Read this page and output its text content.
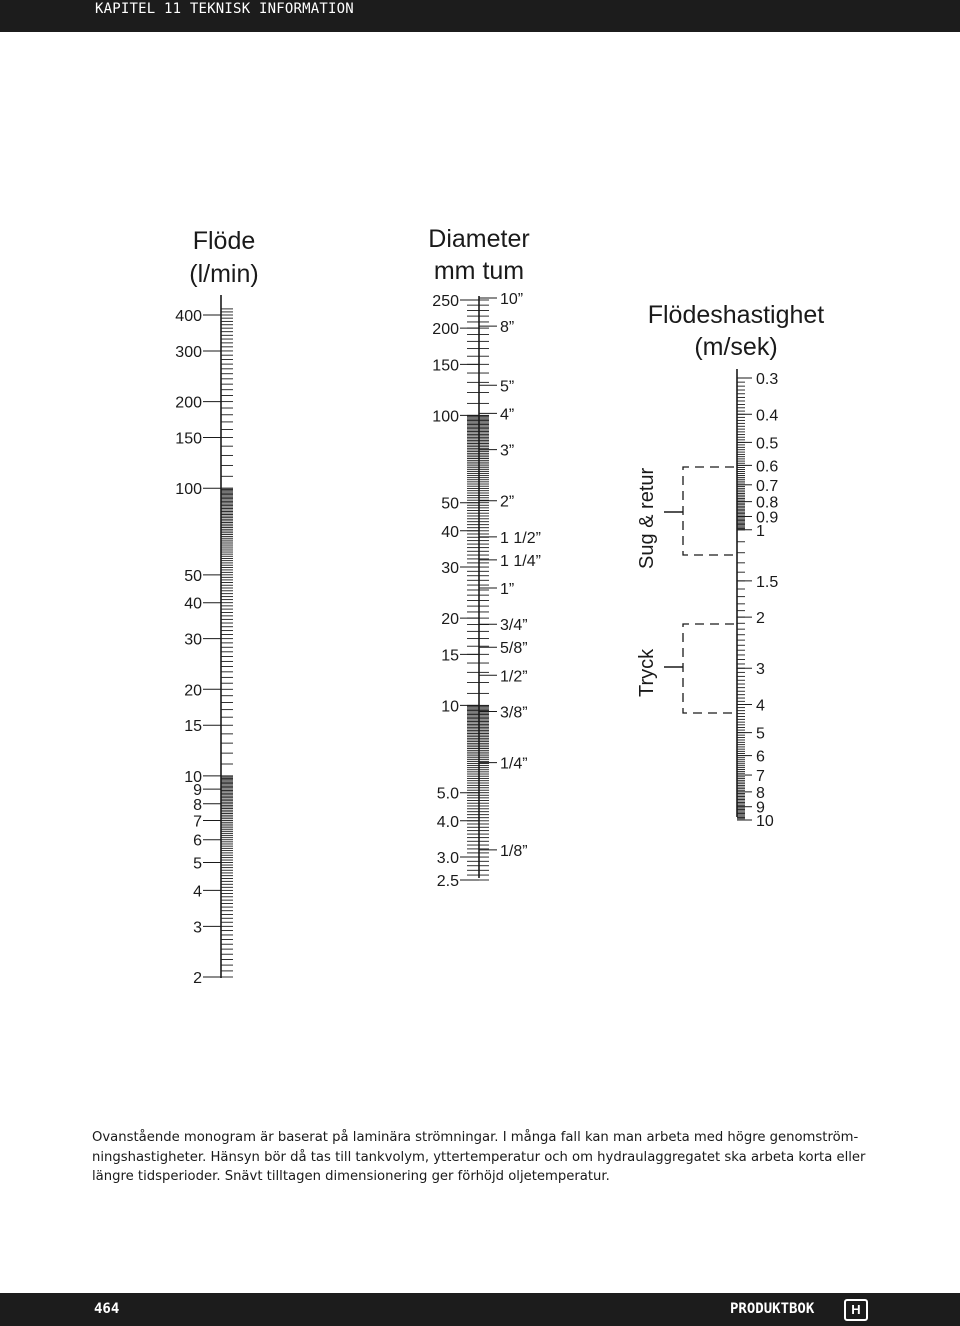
KAPITEL 11 TEKNISK INFORMATION
Flöde
(l/min)
400
300
200
150
100
50
40
30
20
15
10
9
8
7
6
5
4
3
2
Diameter
mm tum
250
200
150
100
50
40
30
20
15
10
5.0
4.0
3.0
2.5
10”
8”
5”
4”
3”
2”
1 1/2”
1 1/4”
1”
3/4”
5/8”
1/2”
3/8”
1/4”
1/8”
Flödeshastighet
(m/sek)
0.3
0.4
0.5
0.6
0.7
0.8
0.9
1
1.5
2
3
4
5
6
7
8
9
10
Sug & retur
Tryck
Ovanstående monogram är baserat på laminära strömningar. I många fall kan man arbeta med högre genomström-
ningshastigheter. Hänsyn bör då tas till tankvolym, yttertemperatur och om hydraulaggregatet ska arbeta korta eller
längre tidsperioder. Snävt tilltagen dimensionering ger förhöjd oljetemperatur.
464	PRODUKTBOK	H
